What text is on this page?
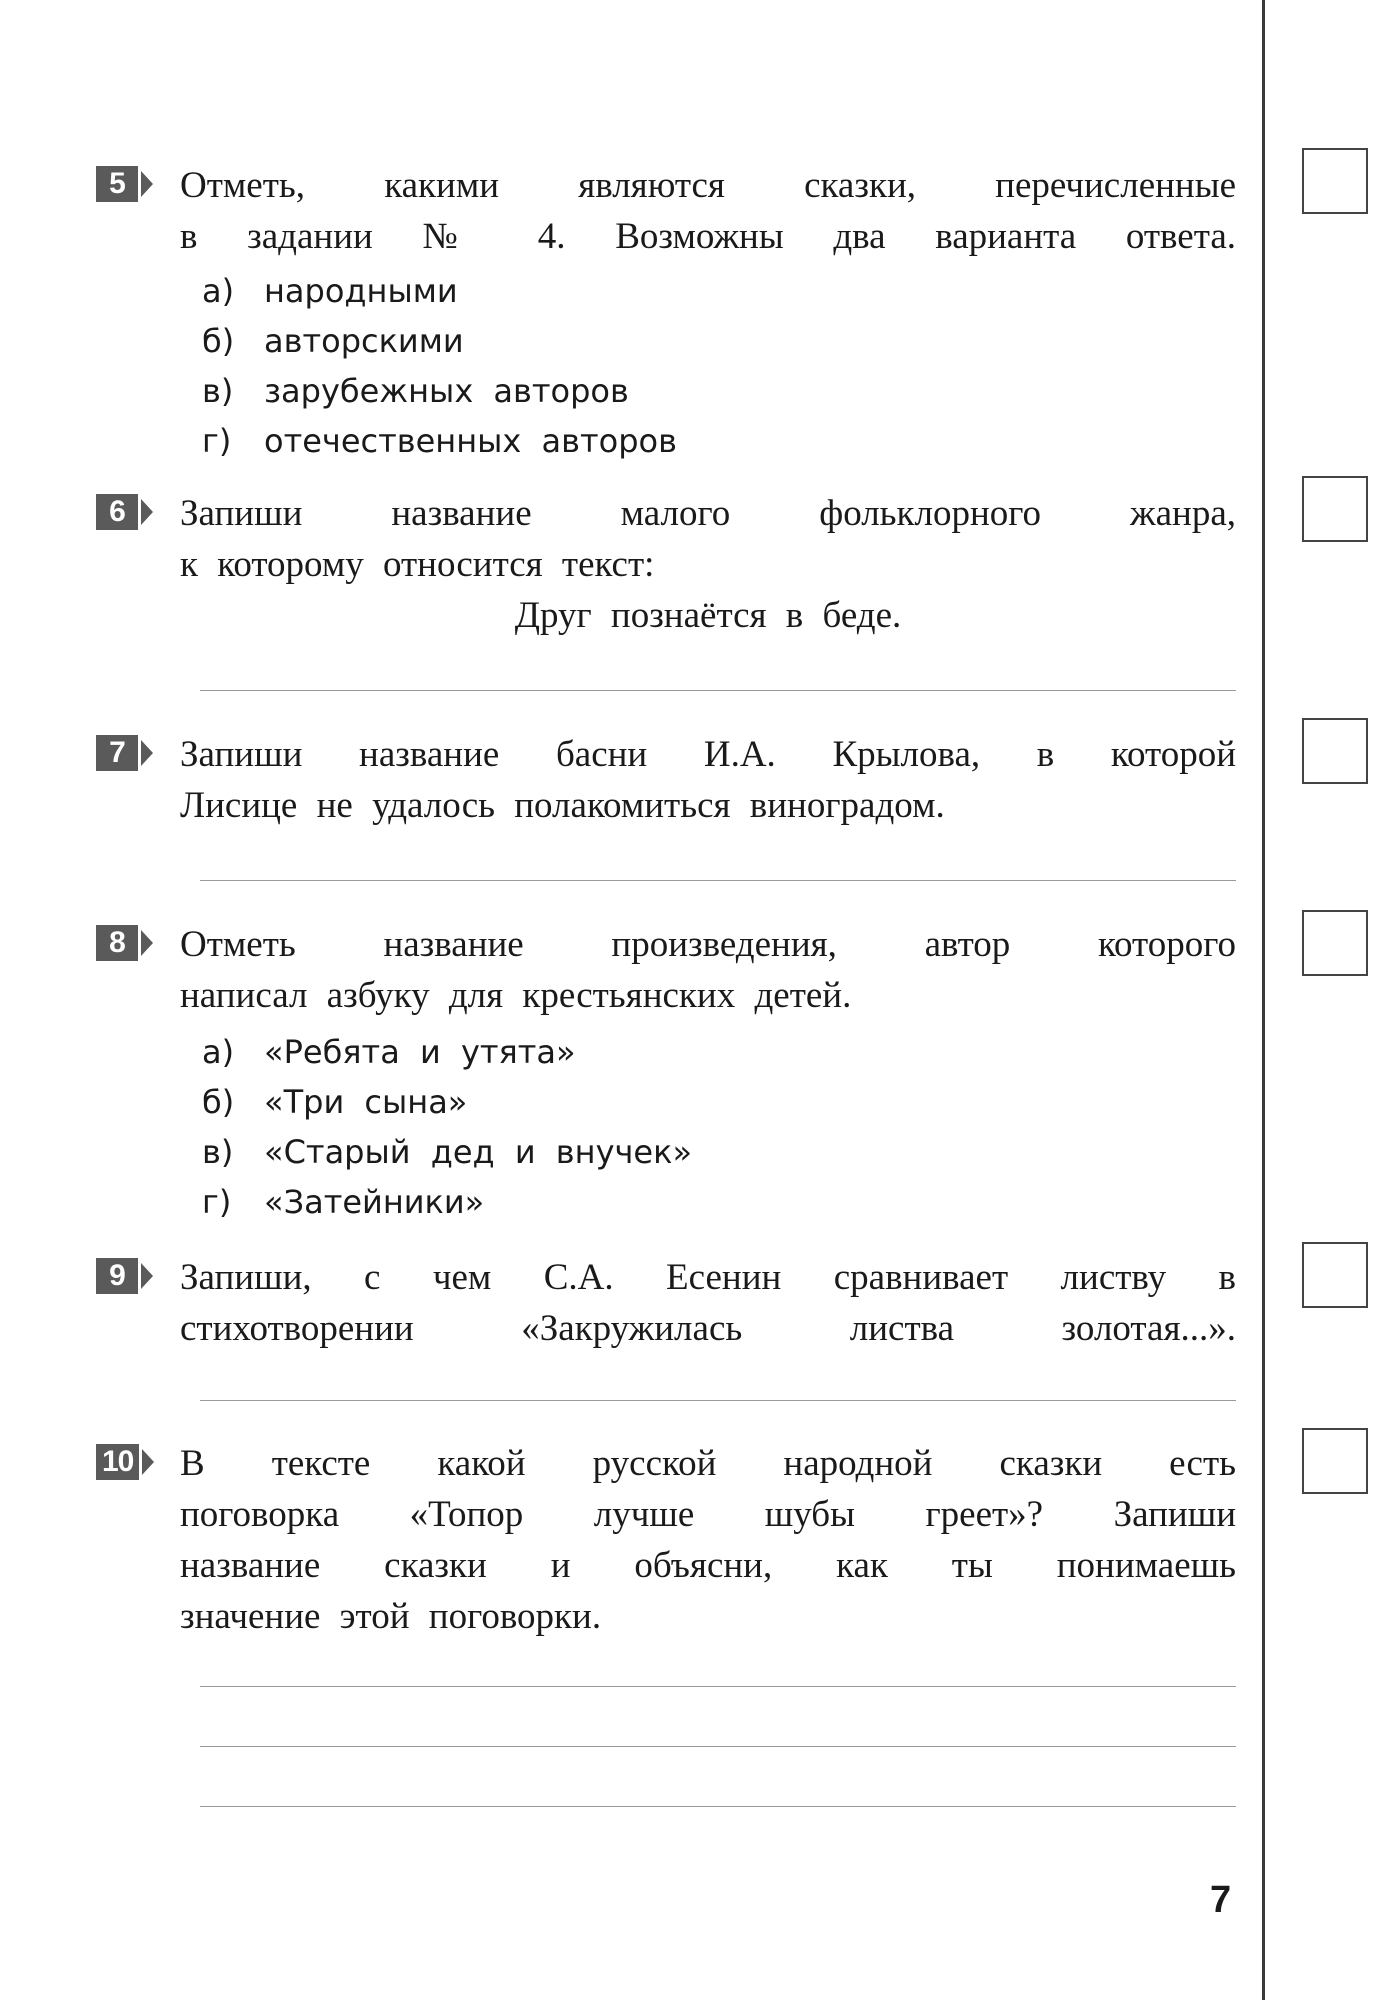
5	Отметь, какими являются сказки, перечисленные
в задании № 4. Возможны два варианта ответа.
а) народными
б) авторскими
в) зарубежных авторов
г) отечественных авторов
6	Запиши название малого фольклорного жанра,
к которому относится текст:
Друг познаётся в беде.
7	Запиши название басни И.А. Крылова, в которой
Лисице не удалось полакомиться виноградом.
8	Отметь название произведения, автор которого
написал азбуку для крестьянских детей.
а) «Ребята и утята»
б) «Три сына»
в) «Старый дед и внучек»
г) «Затейники»
9	Запиши, с чем С.А. Есенин сравнивает листву в
стихотворении «Закружилась листва золотая...».
10 В тексте какой русской народной сказки есть
поговорка «Топор лучше шубы греет»? Запиши
название сказки и объясни, как ты понимаешь
значение этой поговорки.
7
